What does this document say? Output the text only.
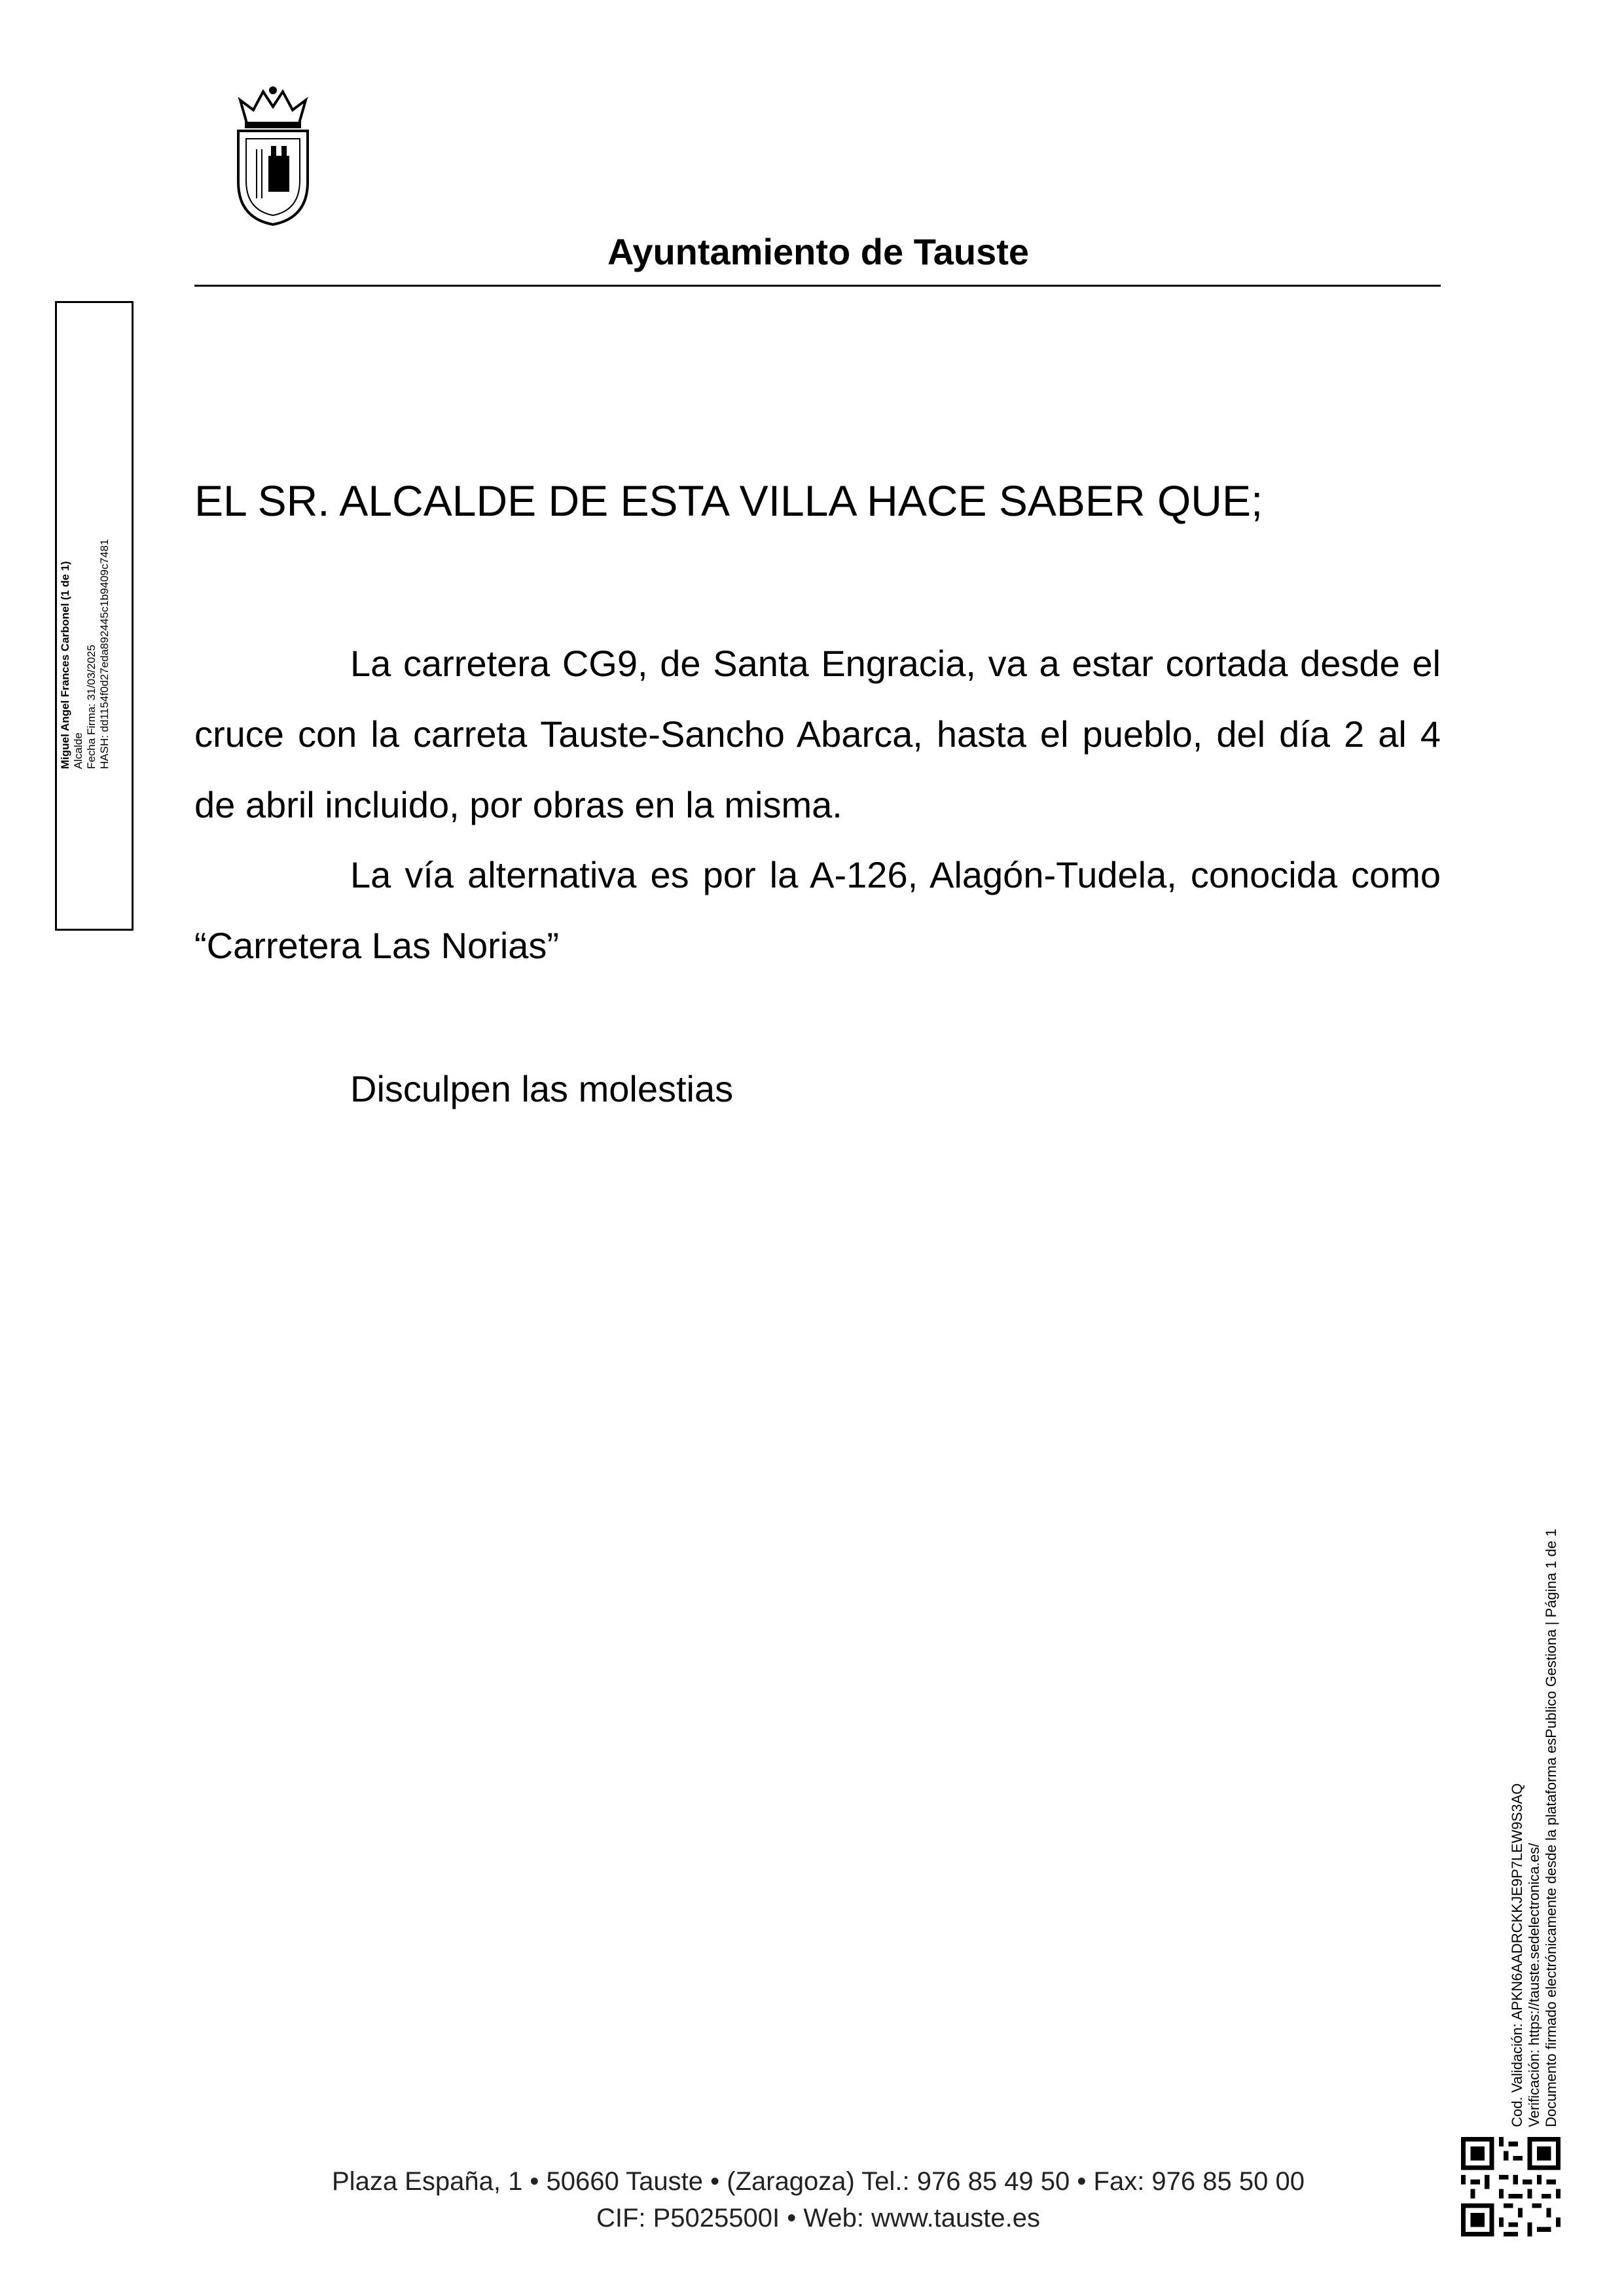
Ayuntamiento de Tauste
Miguel Angel Frances Carbonel (1 de 1) Alcalde Fecha Firma: 31/03/2025 HASH: dd1154f0d27eda892445c1b9409c7481
EL SR. ALCALDE DE ESTA VILLA HACE SABER QUE;

La carretera CG9, de Santa Engracia, va a estar cortada desde el cruce con la carreta Tauste-Sancho Abarca, hasta el pueblo, del día 2 al 4 de abril incluido, por obras en la misma.

La vía alternativa es por la A-126, Alagón-Tudela, conocida como “Carretera Las Norias”

Disculpen las molestias
Cod. Validación: APKN6AADRCKKJE9P7LEW9S3AQ Verificación: https://tauste.sedelectronica.es/ Documento firmado electrónicamente desde la plataforma esPublico Gestiona | Página 1 de 1
Plaza España, 1 • 50660 Tauste • (Zaragoza) Tel.: 976 85 49 50 • Fax: 976 85 50 00
CIF: P5025500I • Web: www.tauste.es
